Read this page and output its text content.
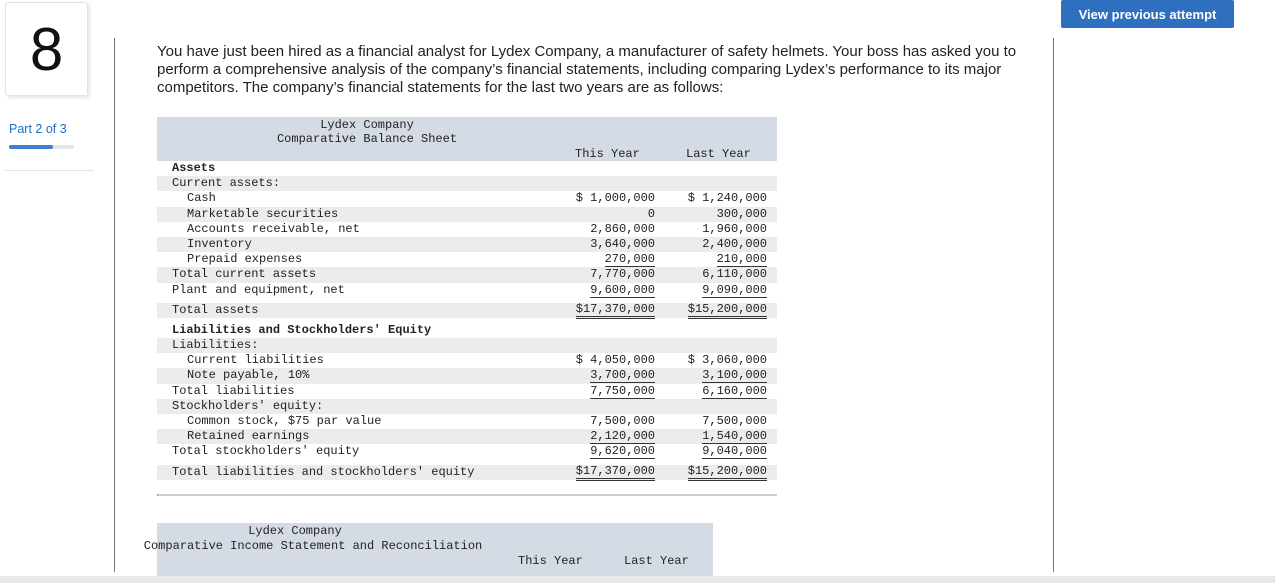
8
Part 2 of 3
View previous attempt

You have just been hired as a financial analyst for Lydex Company, a manufacturer of safety helmets. Your boss has asked you to perform a comprehensive analysis of the company’s financial statements, including comparing Lydex’s performance to its major competitors. The company’s financial statements for the last two years are as follows:

Lydex Company
Comparative Balance Sheet
This Year	Last Year
Assets
Current assets:
Cash	$ 1,000,000	$ 1,240,000
Marketable securities	0	300,000
Accounts receivable, net	2,860,000	1,960,000
Inventory	3,640,000	2,400,000
Prepaid expenses	270,000	210,000
Total current assets	7,770,000	6,110,000
Plant and equipment, net	9,600,000	9,090,000
Total assets	$17,370,000	$15,200,000
Liabilities and Stockholders' Equity
Liabilities:
Current liabilities	$ 4,050,000	$ 3,060,000
Note payable, 10%	3,700,000	3,100,000
Total liabilities	7,750,000	6,160,000
Stockholders' equity:
Common stock, $75 par value	7,500,000	7,500,000
Retained earnings	2,120,000	1,540,000
Total stockholders' equity	9,620,000	9,040,000
Total liabilities and stockholders' equity	$17,370,000	$15,200,000
Lydex Company
Comparative Income Statement and Reconciliation
This Year	Last Year
